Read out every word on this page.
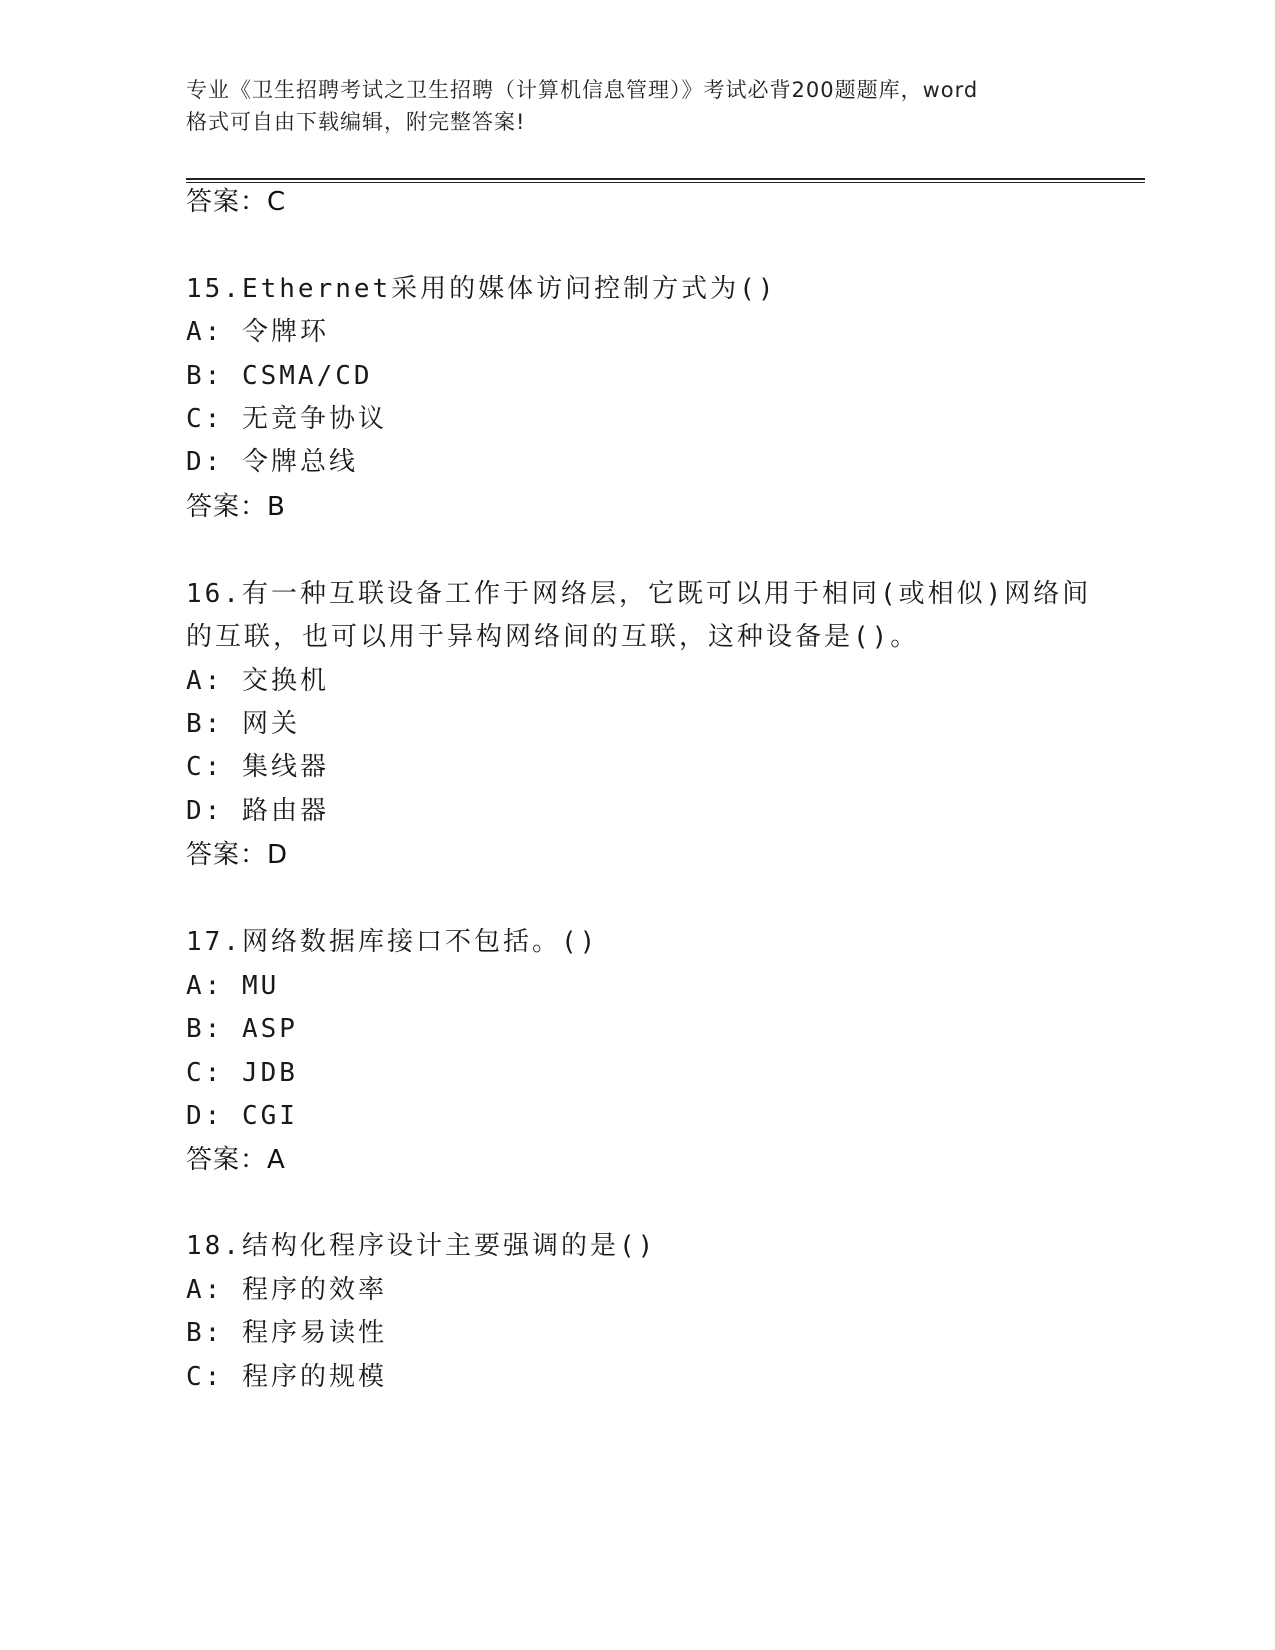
专业《卫生招聘考试之卫生招聘（计算机信息管理）》考试必背200题题库，word
格式可自由下载编辑，附完整答案!
答案：C
15.Ethernet采用的媒体访问控制方式为()
A: 令牌环
B: CSMA/CD
C: 无竞争协议
D: 令牌总线
答案：B
16.有一种互联设备工作于网络层，它既可以用于相同(或相似)网络间
的互联，也可以用于异构网络间的互联，这种设备是()。
A: 交换机
B: 网关
C: 集线器
D: 路由器
答案：D
17.网络数据库接口不包括。()
A: MU
B: ASP
C: JDB
D: CGI
答案：A
18.结构化程序设计主要强调的是()
A: 程序的效率
B: 程序易读性
C: 程序的规模
